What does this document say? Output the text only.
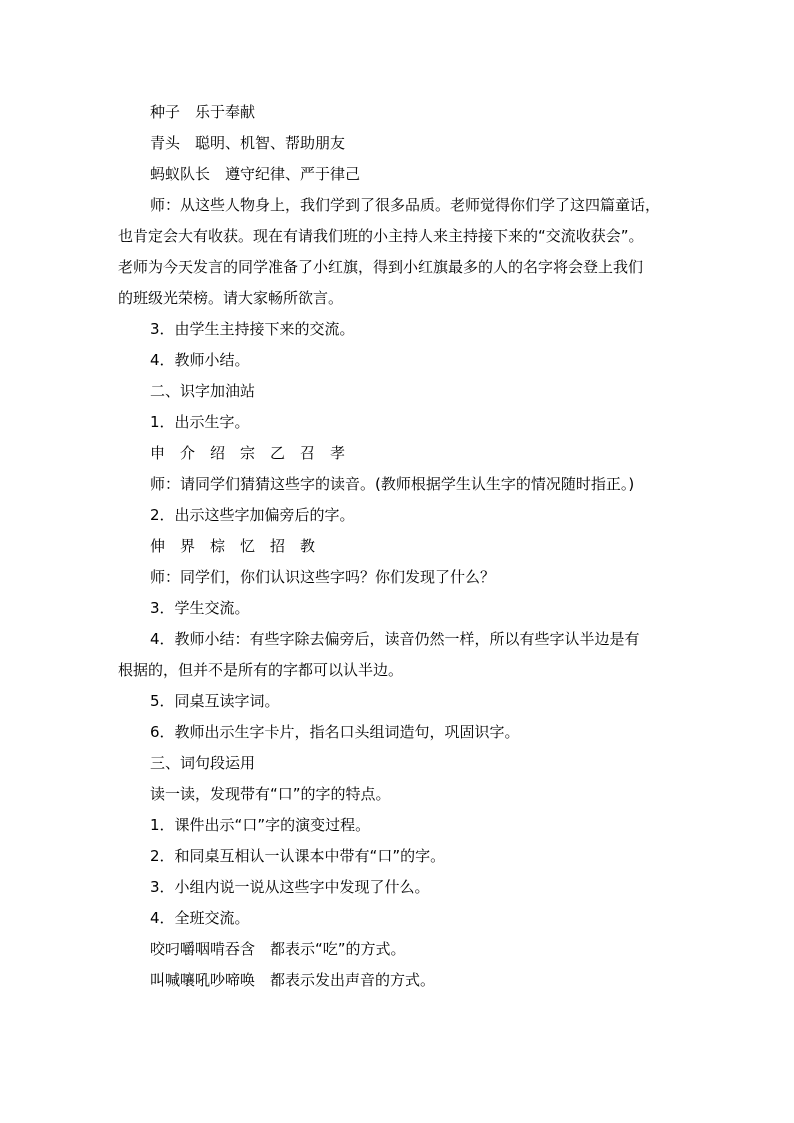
种子　乐于奉献
青头　聪明、机智、帮助朋友
蚂蚁队长　遵守纪律、严于律己
师：从这些人物身上，我们学到了很多品质。老师觉得你们学了这四篇童话，
也肯定会大有收获。现在有请我们班的小主持人来主持接下来的“交流收获会”。
老师为今天发言的同学准备了小红旗，得到小红旗最多的人的名字将会登上我们
的班级光荣榜。请大家畅所欲言。
3．由学生主持接下来的交流。
4．教师小结。
二、识字加油站
1．出示生字。
申　介　绍　宗　乙　召　孝
师：请同学们猜猜这些字的读音。(教师根据学生认生字的情况随时指正。)
2．出示这些字加偏旁后的字。
伸　界　棕　忆　招　教
师：同学们，你们认识这些字吗？你们发现了什么？
3．学生交流。
4．教师小结：有些字除去偏旁后，读音仍然一样，所以有些字认半边是有
根据的，但并不是所有的字都可以认半边。
5．同桌互读字词。
6．教师出示生字卡片，指名口头组词造句，巩固识字。
三、词句段运用
读一读，发现带有“口”的字的特点。
1．课件出示“口”字的演变过程。
2．和同桌互相认一认课本中带有“口”的字。
3．小组内说一说从这些字中发现了什么。
4．全班交流。
咬叼嚼咽啃吞含　都表示“吃”的方式。
叫喊嚷吼吵啼唤　都表示发出声音的方式。
